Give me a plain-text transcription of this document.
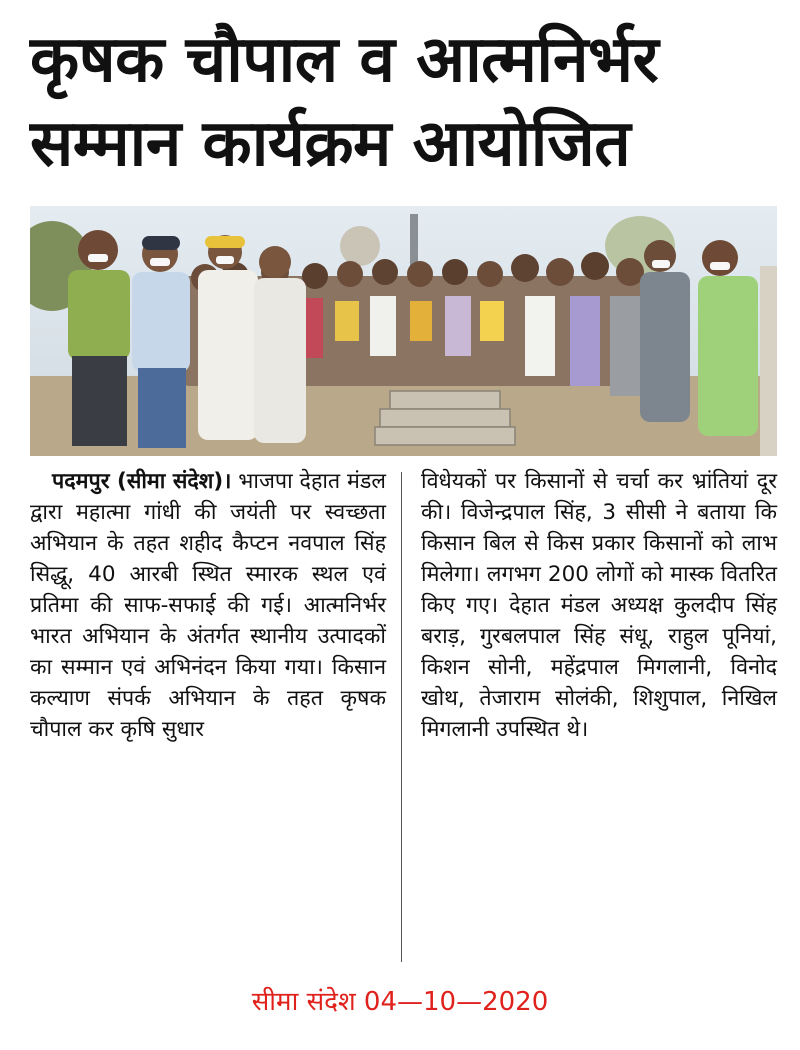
कृषक चौपाल व आत्मनिर्भर
सम्मान कार्यक्रम आयोजित
पदमपुर (सीमा संदेश)। भाजपा देहात मंडल द्वारा महात्मा गांधी की जयंती पर स्वच्छता अभियान के तहत शहीद कैप्टन नवपाल सिंह सिद्धू, 40 आरबी स्थित स्मारक स्थल एवं प्रतिमा की साफ-सफाई की गई। आत्मनिर्भर भारत अभियान के अंतर्गत स्थानीय उत्पादकों का सम्मान एवं अभिनंदन किया गया। किसान कल्याण संपर्क अभियान के तहत कृषक चौपाल कर कृषि सुधार
विधेयकों पर किसानों से चर्चा कर भ्रांतियां दूर की। विजेन्द्रपाल सिंह, 3 सीसी ने बताया कि किसान बिल से किस प्रकार किसानों को लाभ मिलेगा। लगभग 200 लोगों को मास्क वितरित किए गए। देहात मंडल अध्यक्ष कुलदीप सिंह बराड़, गुरबलपाल सिंह संधू, राहुल पूनियां, किशन सोनी, महेंद्रपाल मिगलानी, विनोद खोथ, तेजाराम सोलंकी, शिशुपाल, निखिल मिगलानी उपस्थित थे।
सीमा संदेश 04—10—2020
